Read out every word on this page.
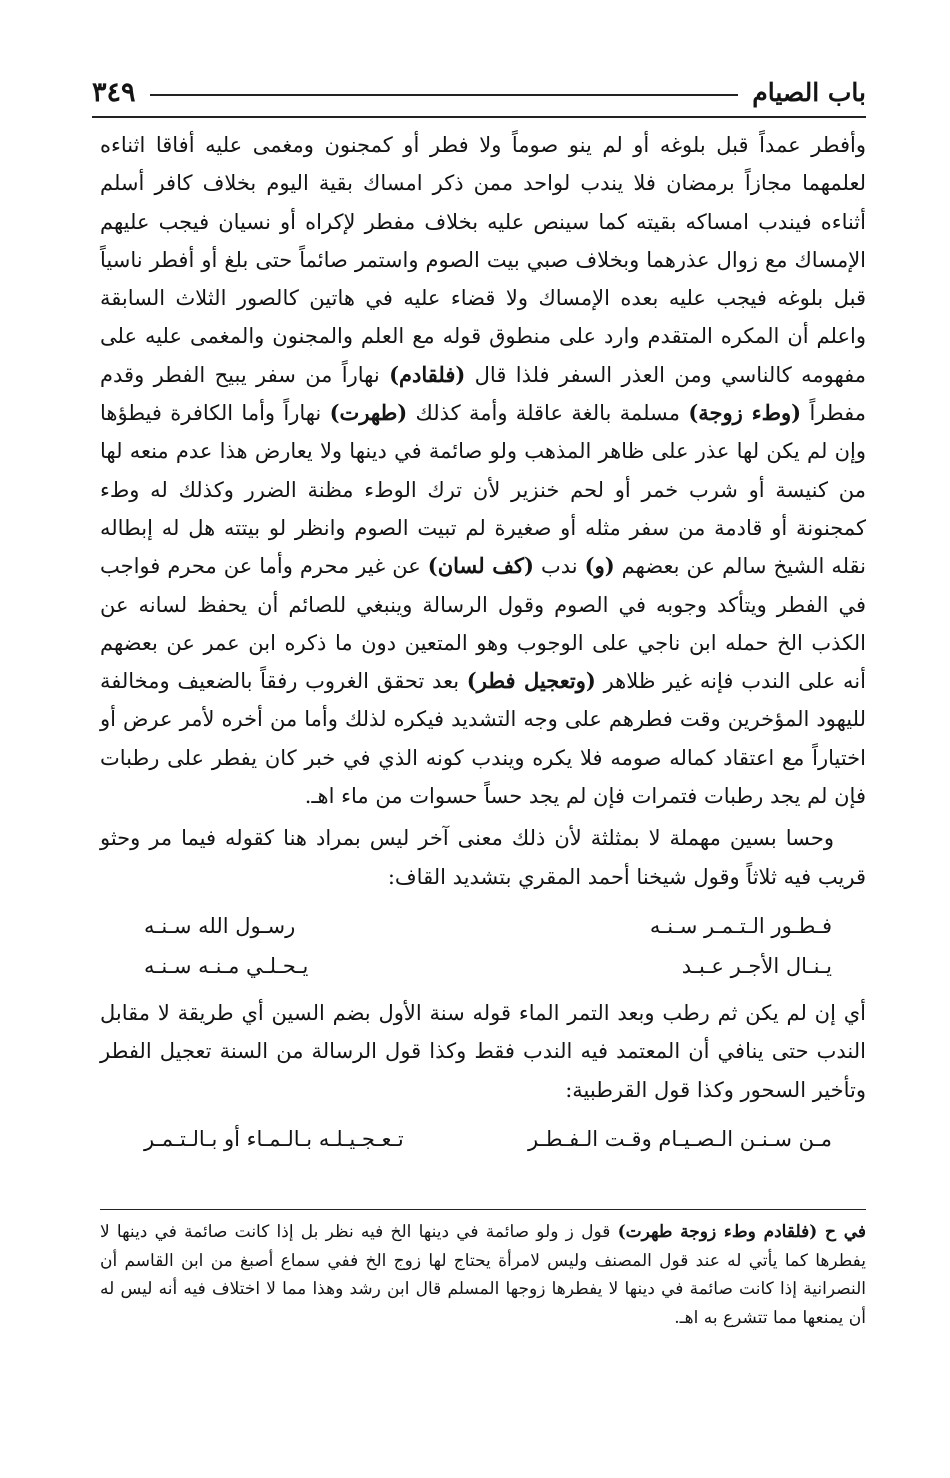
باب الصيام
٣٤٩

وأفطر عمداً قبل بلوغه أو لم ينو صوماً ولا فطر أو كمجنون ومغمى عليه أفاقا اثناءه لعلمهما مجازاً برمضان فلا يندب لواحد ممن ذكر امساك بقية اليوم بخلاف كافر أسلم أثناءه فيندب امساكه بقيته كما سينص عليه بخلاف مفطر لإكراه أو نسيان فيجب عليهم الإمساك مع زوال عذرهما وبخلاف صبي بيت الصوم واستمر صائماً حتى بلغ أو أفطر ناسياً قبل بلوغه فيجب عليه بعده الإمساك ولا قضاء عليه في هاتين كالصور الثلاث السابقة واعلم أن المكره المتقدم وارد على منطوق قوله مع العلم والمجنون والمغمى عليه على مفهومه كالناسي ومن العذر السفر فلذا قال (فلقادم) نهاراً من سفر يبيح الفطر وقدم مفطراً (وطء زوجة) مسلمة بالغة عاقلة وأمة كذلك (طهرت) نهاراً وأما الكافرة فيطؤها وإن لم يكن لها عذر على ظاهر المذهب ولو صائمة في دينها ولا يعارض هذا عدم منعه لها من كنيسة أو شرب خمر أو لحم خنزير لأن ترك الوطء مظنة الضرر وكذلك له وطء كمجنونة أو قادمة من سفر مثله أو صغيرة لم تبيت الصوم وانظر لو بيتته هل له إبطاله نقله الشيخ سالم عن بعضهم (و) ندب (كف لسان) عن غير محرم وأما عن محرم فواجب في الفطر ويتأكد وجوبه في الصوم وقول الرسالة وينبغي للصائم أن يحفظ لسانه عن الكذب الخ حمله ابن ناجي على الوجوب وهو المتعين دون ما ذكره ابن عمر عن بعضهم أنه على الندب فإنه غير ظلاهر (وتعجيل فطر) بعد تحقق الغروب رفقاً بالضعيف ومخالفة لليهود المؤخرين وقت فطرهم على وجه التشديد فيكره لذلك وأما من أخره لأمر عرض أو اختياراً مع اعتقاد كماله صومه فلا يكره ويندب كونه الذي في خبر كان يفطر على رطبات فإن لم يجد رطبات فتمرات فإن لم يجد حساً حسوات من ماء اهـ.

وحسا بسين مهملة لا بمثلثة لأن ذلك معنى آخر ليس بمراد هنا كقوله فيما مر وحثو قريب فيه ثلاثاً وقول شيخنا أحمد المقري بتشديد القاف:

فـطـور الـتـمـر سـنـه
رسـول الله سـنـه
يـنـال الأجـر عـبـد
يـحـلـي مـنـه سـنـه

أي إن لم يكن ثم رطب وبعد التمر الماء قوله سنة الأول بضم السين أي طريقة لا مقابل الندب حتى ينافي أن المعتمد فيه الندب فقط وكذا قول الرسالة من السنة تعجيل الفطر وتأخير السحور وكذا قول القرطبية:

مـن سـنـن الـصـيـام وقـت الـفـطـر
تـعـجـيـلـه بـالـمـاء أو بـالـتـمـر

في ح (فلقادم وطء زوجة طهرت) قول ز ولو صائمة في دينها الخ فيه نظر بل إذا كانت صائمة في دينها لا يفطرها كما يأتي له عند قول المصنف وليس لامرأة يحتاج لها زوج الخ ففي سماع أصبغ من ابن القاسم أن النصرانية إذا كانت صائمة في دينها لا يفطرها زوجها المسلم قال ابن رشد وهذا مما لا اختلاف فيه أنه ليس له أن يمنعها مما تتشرع به اهـ.
